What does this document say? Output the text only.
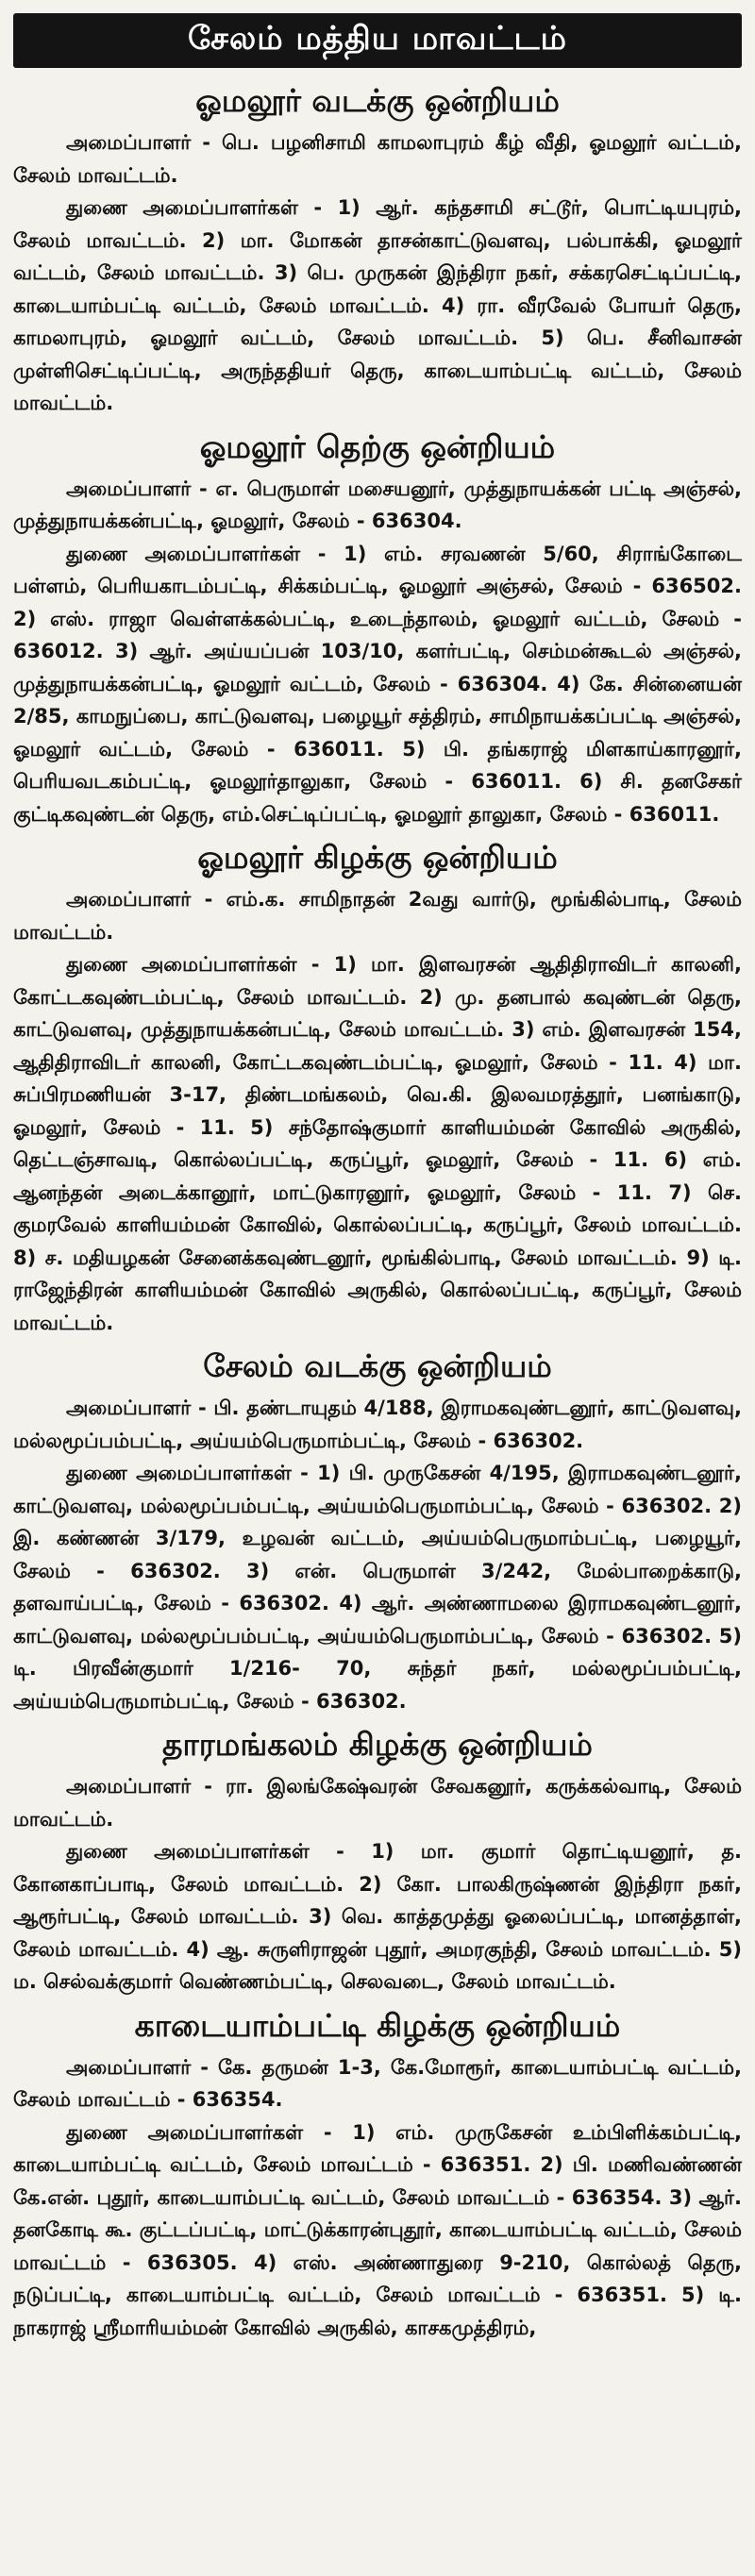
சேலம் மத்திய மாவட்டம்
ஓமலூர் வடக்கு ஒன்றியம்

அமைப்பாளர் - பெ. பழனிசாமி காமலாபுரம் கீழ் வீதி, ஓமலூர் வட்டம், சேலம் மாவட்டம்.

துணை அமைப்பாளர்கள் - 1) ஆர். கந்தசாமி சட்டூர், பொட்டியபுரம், சேலம் மாவட்டம். 2) மா. மோகன் தாசன்காட்டுவளவு, பல்பாக்கி, ஓமலூர் வட்டம், சேலம் மாவட்டம். 3) பெ. முருகன் இந்திரா நகர், சக்கரசெட்டிப்பட்டி, காடையாம்பட்டி வட்டம், சேலம் மாவட்டம். 4) ரா. வீரவேல் போயர் தெரு, காமலாபுரம், ஓமலூர் வட்டம், சேலம் மாவட்டம். 5) பெ. சீனிவாசன் முள்ளிசெட்டிப்பட்டி, அருந்ததியர் தெரு, காடையாம்பட்டி வட்டம், சேலம் மாவட்டம்.

ஓமலூர் தெற்கு ஒன்றியம்

அமைப்பாளர் - எ. பெருமாள் மசையனூர், முத்துநாயக்கன் பட்டி அஞ்சல், முத்துநாயக்கன்பட்டி, ஓமலூர், சேலம் - 636304.

துணை அமைப்பாளர்கள் - 1) எம். சரவணன் 5/60, சிராங்கோடை பள்ளம், பெரியகாடம்பட்டி, சிக்கம்பட்டி, ஓமலூர் அஞ்சல், சேலம் - 636502. 2) எஸ். ராஜா வெள்ளக்கல்பட்டி, உடைந்தாலம், ஓமலூர் வட்டம், சேலம் - 636012. 3) ஆர். அய்யப்பன் 103/10, களர்பட்டி, செம்மன்கூடல் அஞ்சல், முத்துநாயக்கன்பட்டி, ஓமலூர் வட்டம், சேலம் - 636304. 4) கே. சின்னையன் 2/85, காமநுப்பை, காட்டுவளவு, பழையூர் சத்திரம், சாமிநாயக்கப்பட்டி அஞ்சல், ஓமலூர் வட்டம், சேலம் - 636011. 5) பி. தங்கராஜ் மிளகாய்காரனூர், பெரியவடகம்பட்டி, ஓமலூர்தாலுகா, சேலம் - 636011. 6) சி. தனசேகர் குட்டிகவுண்டன் தெரு, எம்.செட்டிப்பட்டி, ஓமலூர் தாலுகா, சேலம் - 636011.

ஓமலூர் கிழக்கு ஒன்றியம்

அமைப்பாளர் - எம்.க. சாமிநாதன் 2வது வார்டு, மூங்கில்பாடி, சேலம் மாவட்டம்.

துணை அமைப்பாளர்கள் - 1) மா. இளவரசன் ஆதிதிராவிடர் காலனி, கோட்டகவுண்டம்பட்டி, சேலம் மாவட்டம். 2) மு. தனபால் கவுண்டன் தெரு, காட்டுவளவு, முத்துநாயக்கன்பட்டி, சேலம் மாவட்டம். 3) எம். இளவரசன் 154, ஆதிதிராவிடர் காலனி, கோட்டகவுண்டம்பட்டி, ஓமலூர், சேலம் - 11. 4) மா. சுப்பிரமணியன் 3-17, திண்டமங்கலம், வெ.கி. இலவமரத்தூர், பனங்காடு, ஓமலூர், சேலம் - 11. 5) சந்தோஷ்குமார் காளியம்மன் கோவில் அருகில், தெட்டஞ்சாவடி, கொல்லப்பட்டி, கருப்பூர், ஓமலூர், சேலம் - 11. 6) எம். ஆனந்தன் அடைக்கானூர், மாட்டுகாரனூர், ஓமலூர், சேலம் - 11. 7) செ. குமரவேல் காளியம்மன் கோவில், கொல்லப்பட்டி, கருப்பூர், சேலம் மாவட்டம். 8) ச. மதியழகன் சேனைக்கவுண்டனூர், மூங்கில்பாடி, சேலம் மாவட்டம். 9) டி. ராஜேந்திரன் காளியம்மன் கோவில் அருகில், கொல்லப்பட்டி, கருப்பூர், சேலம் மாவட்டம்.

சேலம் வடக்கு ஒன்றியம்

அமைப்பாளர் - பி. தண்டாயுதம் 4/188, இராமகவுண்டனூர், காட்டுவளவு, மல்லமூப்பம்பட்டி, அய்யம்பெருமாம்பட்டி, சேலம் - 636302.

துணை அமைப்பாளர்கள் - 1) பி. முருகேசன் 4/195, இராமகவுண்டனூர், காட்டுவளவு, மல்லமூப்பம்பட்டி, அய்யம்பெருமாம்பட்டி, சேலம் - 636302. 2) இ. கண்ணன் 3/179, உழவன் வட்டம், அய்யம்பெருமாம்பட்டி, பழையூர், சேலம் - 636302. 3) என். பெருமாள் 3/242, மேல்பாறைக்காடு, தளவாய்பட்டி, சேலம் - 636302. 4) ஆர். அண்ணாமலை இராமகவுண்டனூர், காட்டுவளவு, மல்லமூப்பம்பட்டி, அய்யம்பெருமாம்பட்டி, சேலம் - 636302. 5) டி. பிரவீன்குமார் 1/216- 70, சுந்தர் நகர், மல்லமூப்பம்பட்டி, அய்யம்பெருமாம்பட்டி, சேலம் - 636302.

தாரமங்கலம் கிழக்கு ஒன்றியம்

அமைப்பாளர் - ரா. இலங்கேஷ்வரன் சேவகனூர், கருக்கல்வாடி, சேலம் மாவட்டம்.

துணை அமைப்பாளர்கள் - 1) மா. குமார் தொட்டியனூர், த. கோனகாப்பாடி, சேலம் மாவட்டம். 2) கோ. பாலகிருஷ்ணன் இந்திரா நகர், ஆரூர்பட்டி, சேலம் மாவட்டம். 3) வெ. காத்தமுத்து ஓலைப்பட்டி, மானத்தாள், சேலம் மாவட்டம். 4) ஆ. சுருளிராஜன் புதூர், அமரகுந்தி, சேலம் மாவட்டம். 5) ம. செல்வக்குமார் வெண்ணம்பட்டி, செலவடை, சேலம் மாவட்டம்.

காடையாம்பட்டி கிழக்கு ஒன்றியம்

அமைப்பாளர் - கே. தருமன் 1-3, கே.மோரூர், காடையாம்பட்டி வட்டம், சேலம் மாவட்டம் - 636354.

துணை அமைப்பாளர்கள் - 1) எம். முருகேசன் உம்பிளிக்கம்பட்டி, காடையாம்பட்டி வட்டம், சேலம் மாவட்டம் - 636351. 2) பி. மணிவண்ணன் கே.என். புதூர், காடையாம்பட்டி வட்டம், சேலம் மாவட்டம் - 636354. 3) ஆர். தனகோடி கூ. குட்டப்பட்டி, மாட்டுக்காரன்புதூர், காடையாம்பட்டி வட்டம், சேலம் மாவட்டம் - 636305. 4) எஸ். அண்ணாதுரை 9-210, கொல்லத் தெரு, நடுப்பட்டி, காடையாம்பட்டி வட்டம், சேலம் மாவட்டம் - 636351. 5) டி. நாகராஜ் ஸ்ரீமாரியம்மன் கோவில் அருகில், காசகமுத்திரம்,
